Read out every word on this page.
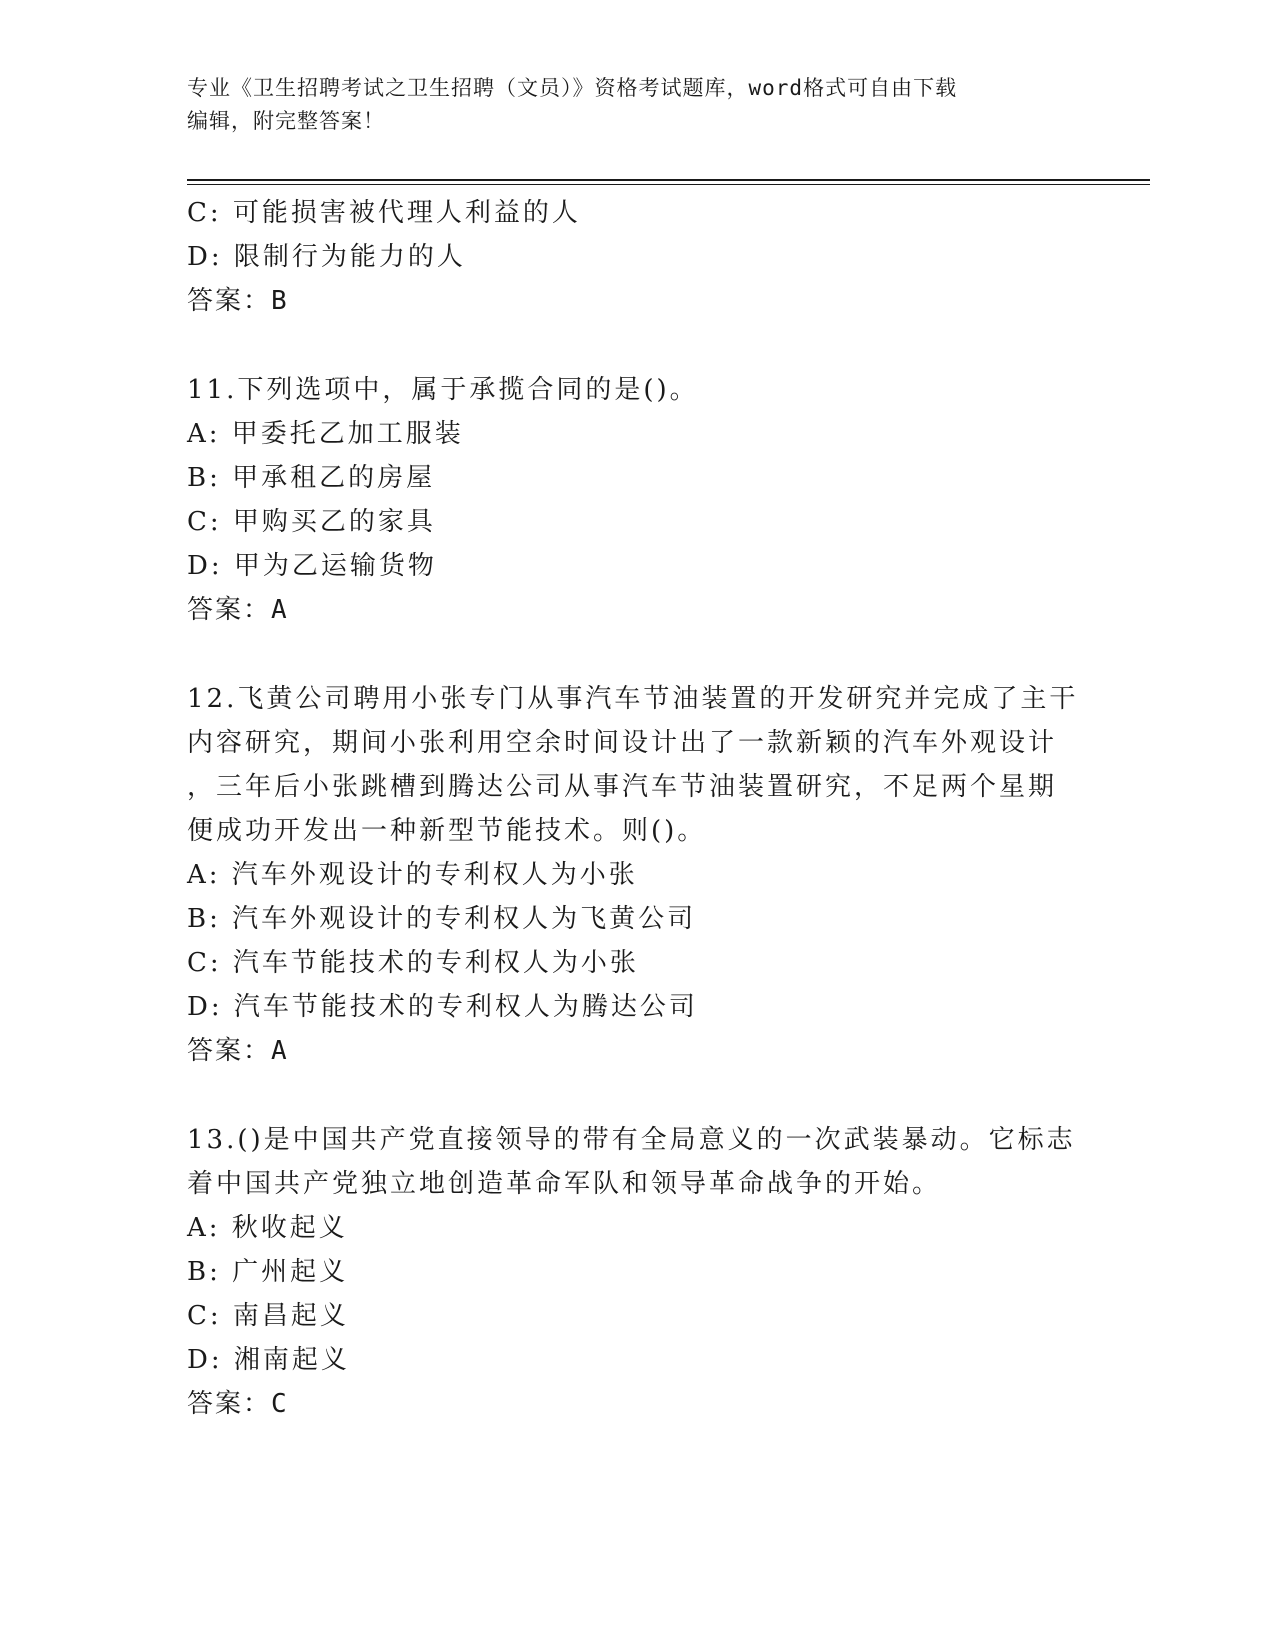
专业《卫生招聘考试之卫生招聘（文员）》资格考试题库，word格式可自由下载
编辑，附完整答案！
C: 可能损害被代理人利益的人
D: 限制行为能力的人
答案：B
11.下列选项中，属于承揽合同的是()。
A: 甲委托乙加工服装
B: 甲承租乙的房屋
C: 甲购买乙的家具
D: 甲为乙运输货物
答案：A
12.飞黄公司聘用小张专门从事汽车节油装置的开发研究并完成了主干
内容研究，期间小张利用空余时间设计出了一款新颖的汽车外观设计
，三年后小张跳槽到腾达公司从事汽车节油装置研究，不足两个星期
便成功开发出一种新型节能技术。则()。
A: 汽车外观设计的专利权人为小张
B: 汽车外观设计的专利权人为飞黄公司
C: 汽车节能技术的专利权人为小张
D: 汽车节能技术的专利权人为腾达公司
答案：A
13.()是中国共产党直接领导的带有全局意义的一次武装暴动。它标志
着中国共产党独立地创造革命军队和领导革命战争的开始。
A: 秋收起义
B: 广州起义
C: 南昌起义
D: 湘南起义
答案：C
